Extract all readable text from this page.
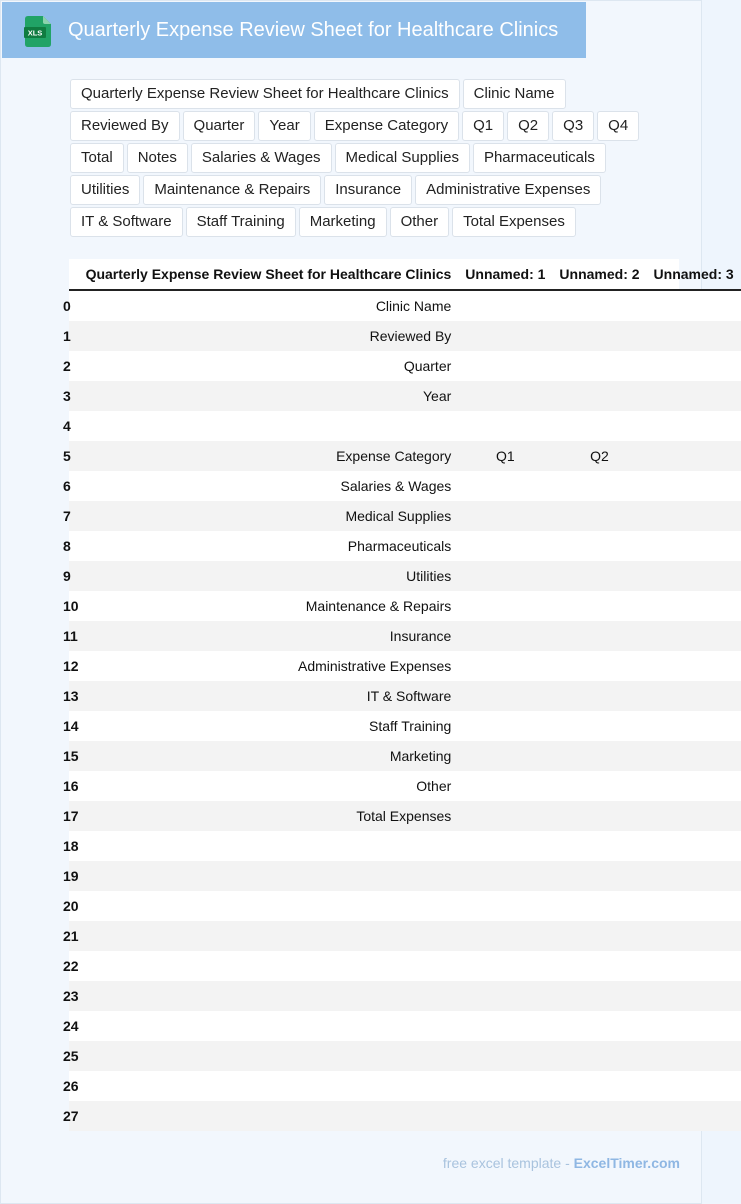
XLS Quarterly Expense Review Sheet for Healthcare Clinics
Quarterly Expense Review Sheet for Healthcare Clinics	Clinic Name
Reviewed By	Quarter	Year	Expense Category	Q1	Q2	Q3	Q4
Total	Notes	Salaries & Wages	Medical Supplies	Pharmaceuticals
Utilities	Maintenance & Repairs	Insurance	Administrative Expenses
IT & Software	Staff Training	Marketing	Other	Total Expenses
	Quarterly Expense Review Sheet for Healthcare Clinics	Unnamed: 1	Unnamed: 2	Unnamed: 3
0	Clinic Name			
1	Reviewed By			
2	Quarter			
3	Year			
4				
5	Expense Category	Q1	Q2	
6	Salaries & Wages			
7	Medical Supplies			
8	Pharmaceuticals			
9	Utilities			
10	Maintenance & Repairs			
11	Insurance			
12	Administrative Expenses			
13	IT & Software			
14	Staff Training			
15	Marketing			
16	Other			
17	Total Expenses			
18				
19				
20				
21				
22				
23				
24				
25				
26				
27				
free excel template - ExcelTimer.com
